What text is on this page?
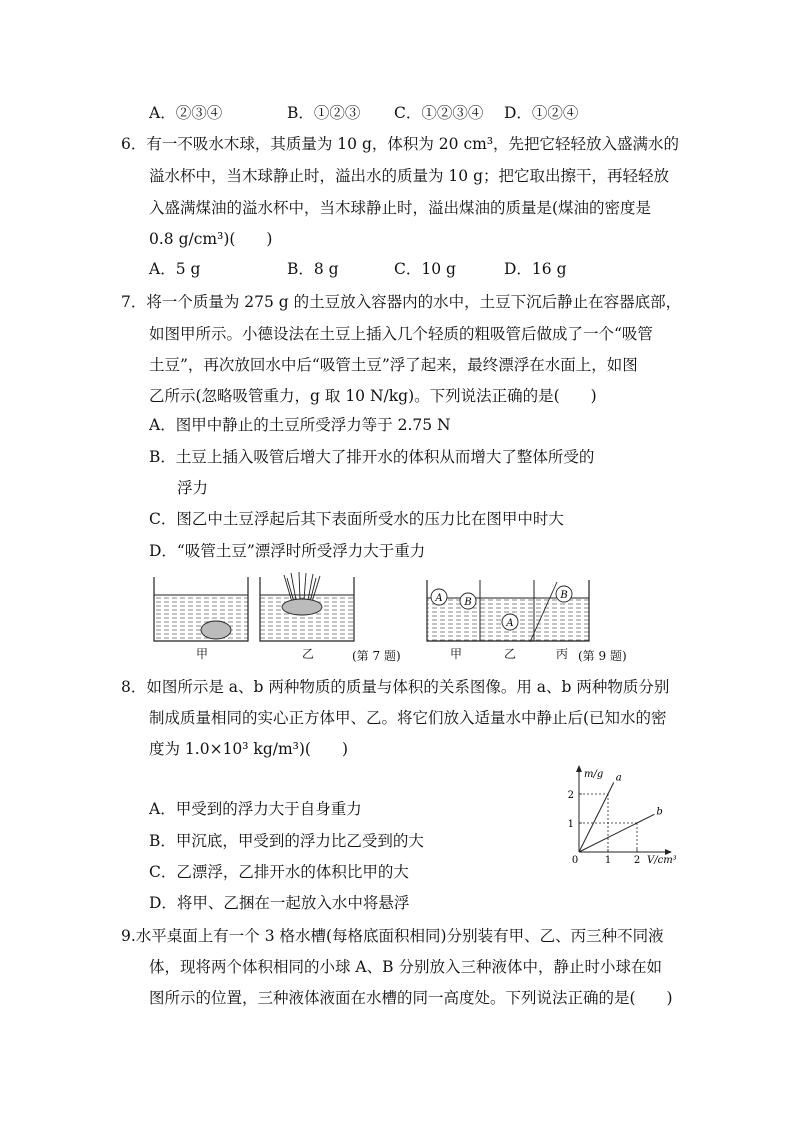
A．②③④	B．①②③ C．①②③④ D．①②④
6．有一不吸水木球，其质量为 10 g，体积为 20 cm³，先把它轻轻放入盛满水的
溢水杯中，当木球静止时，溢出水的质量为 10 g；把它取出擦干，再轻轻放
入盛满煤油的溢水杯中，当木球静止时，溢出煤油的质量是(煤油的密度是
0.8 g/cm³)(　　)
A．5 g	B．8 g	C．10 g	D．16 g
7．将一个质量为 275 g 的土豆放入容器内的水中，土豆下沉后静止在容器底部，
如图甲所示。小德设法在土豆上插入几个轻质的粗吸管后做成了一个“吸管
土豆”，再次放回水中后“吸管土豆”浮了起来，最终漂浮在水面上，如图
乙所示(忽略吸管重力，g 取 10 N/kg)。下列说法正确的是(　　)
A．图甲中静止的土豆所受浮力等于 2.75 N
B．土豆上插入吸管后增大了排开水的体积从而增大了整体所受的
浮力
C．图乙中土豆浮起后其下表面所受水的压力比在图甲中时大
D．“吸管土豆”漂浮时所受浮力大于重力
甲	乙	(第 7 题)
A B
A
B
甲	乙	丙 (第 9 题)
8．如图所示是 a、b 两种物质的质量与体积的关系图像。用 a、b 两种物质分别
制成质量相同的实心正方体甲、乙。将它们放入适量水中静止后(已知水的密
度为 1.0×10³ kg/m³)(　　)
A．甲受到的浮力大于自身重力
B．甲沉底，甲受到的浮力比乙受到的大
C．乙漂浮，乙排开水的体积比甲的大
D．将甲、乙捆在一起放入水中将悬浮
m/g
V/cm³
a
b
0	1 2
1
2
9.水平桌面上有一个 3 格水槽(每格底面积相同)分别装有甲、乙、丙三种不同液
体，现将两个体积相同的小球 A、B 分别放入三种液体中，静止时小球在如
图所示的位置，三种液体液面在水槽的同一高度处。下列说法正确的是(　　)
